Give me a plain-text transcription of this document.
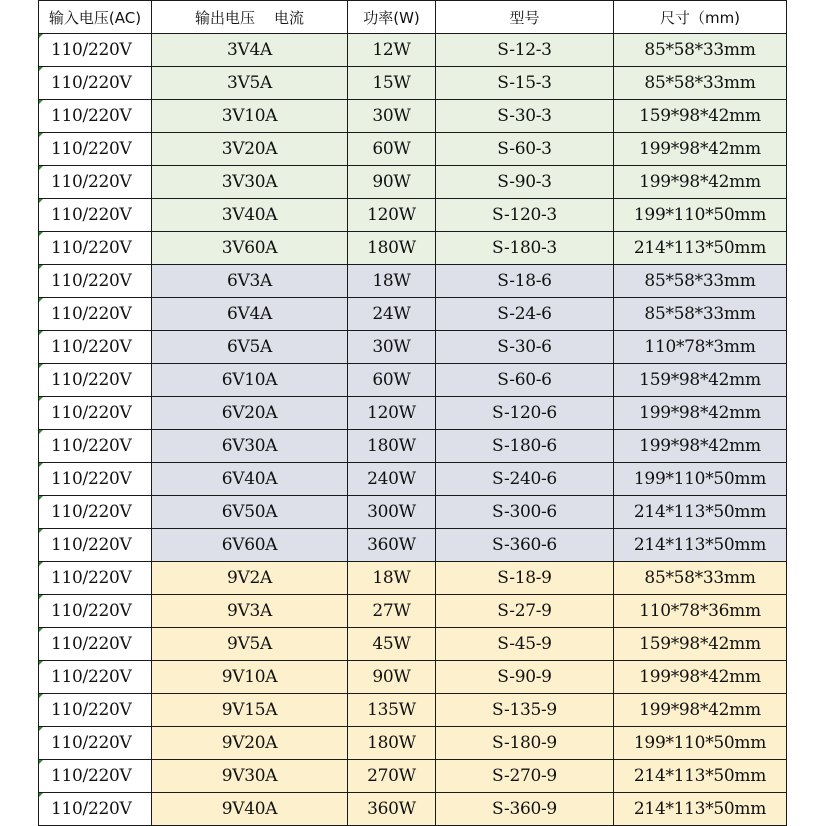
输入电压(AC)	输出电压    电流	功率(W)	型号	尺寸（mm)
110/220V	3V4A	12W	S-12-3	85*58*33mm
110/220V	3V5A	15W	S-15-3	85*58*33mm
110/220V	3V10A	30W	S-30-3	159*98*42mm
110/220V	3V20A	60W	S-60-3	199*98*42mm
110/220V	3V30A	90W	S-90-3	199*98*42mm
110/220V	3V40A	120W	S-120-3	199*110*50mm
110/220V	3V60A	180W	S-180-3	214*113*50mm
110/220V	6V3A	18W	S-18-6	85*58*33mm
110/220V	6V4A	24W	S-24-6	85*58*33mm
110/220V	6V5A	30W	S-30-6	110*78*3mm
110/220V	6V10A	60W	S-60-6	159*98*42mm
110/220V	6V20A	120W	S-120-6	199*98*42mm
110/220V	6V30A	180W	S-180-6	199*98*42mm
110/220V	6V40A	240W	S-240-6	199*110*50mm
110/220V	6V50A	300W	S-300-6	214*113*50mm
110/220V	6V60A	360W	S-360-6	214*113*50mm
110/220V	9V2A	18W	S-18-9	85*58*33mm
110/220V	9V3A	27W	S-27-9	110*78*36mm
110/220V	9V5A	45W	S-45-9	159*98*42mm
110/220V	9V10A	90W	S-90-9	199*98*42mm
110/220V	9V15A	135W	S-135-9	199*98*42mm
110/220V	9V20A	180W	S-180-9	199*110*50mm
110/220V	9V30A	270W	S-270-9	214*113*50mm
110/220V	9V40A	360W	S-360-9	214*113*50mm
